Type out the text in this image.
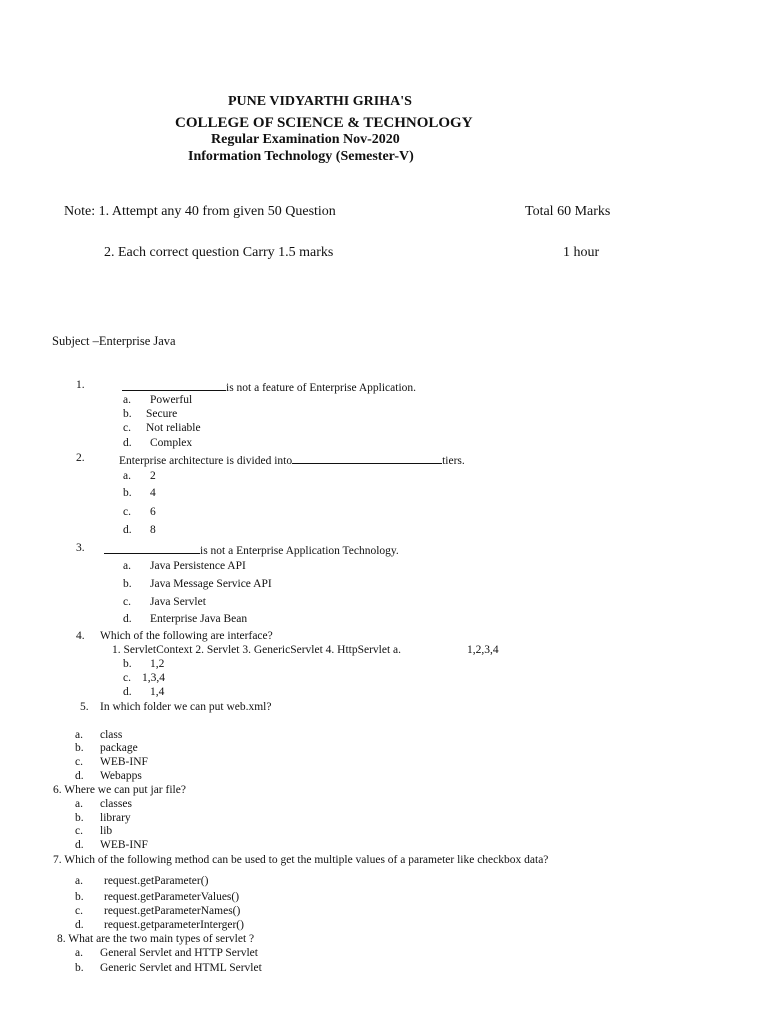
PUNE VIDYARTHI GRIHA'S
COLLEGE OF SCIENCE & TECHNOLOGY
Regular Examination Nov-2020
Information Technology (Semester-V)
Note: 1. Attempt any 40 from given 50 Question	Total 60 Marks
2. Each correct question Carry 1.5 marks	1 hour
Subject –Enterprise Java
1.	is not a feature of Enterprise Application.
a. Powerful
b. Secure
c. Not reliable
d. Complex
2.	Enterprise architecture is divided into	tiers.
a. 2
b. 4
c. 6
d. 8
3.	is not a Enterprise Application Technology.
a. Java Persistence API
b. Java Message Service API
c. Java Servlet
d. Enterprise Java Bean
4. Which of the following are interface?
1. ServletContext 2. Servlet 3. GenericServlet 4. HttpServlet a.	1,2,3,4
b. 1,2
c. 1,3,4
d. 1,4
5. In which folder we can put web.xml?
a. class
b. package
c. WEB-INF
d. Webapps
6. Where we can put jar file?
a. classes
b. library
c. lib
d. WEB-INF
7. Which of the following method can be used to get the multiple values of a parameter like checkbox data?
a. request.getParameter()
b. request.getParameterValues()
c. request.getParameterNames()
d. request.getparameterInterger()
8. What are the two main types of servlet ?
a. General Servlet and HTTP Servlet
b. Generic Servlet and HTML Servlet
